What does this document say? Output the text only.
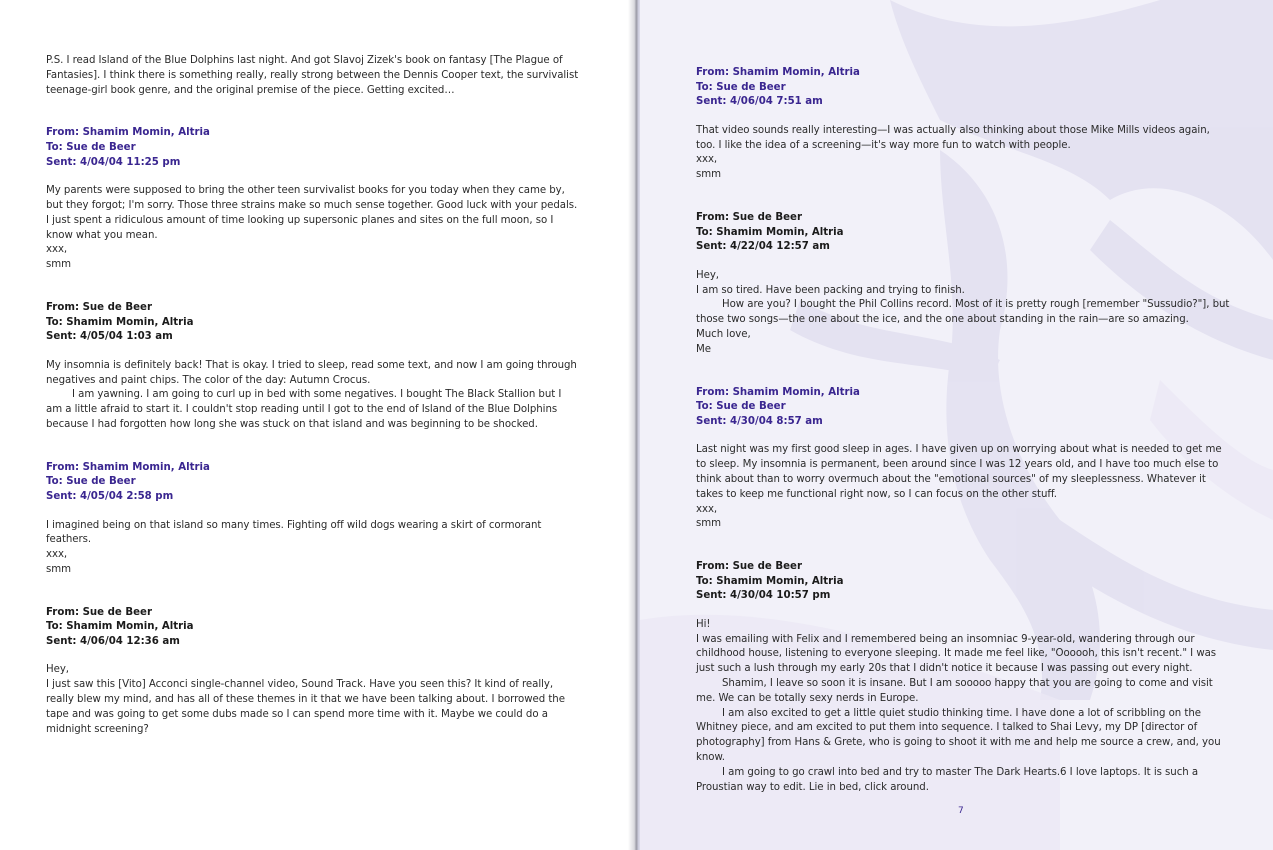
P.S. I read Island of the Blue Dolphins last night. And got Slavoj Zizek's book on fantasy [The Plague of Fantasies]. I think there is something really, really strong between the Dennis Cooper text, the survivalist teenage-girl book genre, and the original premise of the piece. Getting excited…

From: Shamim Momin, Altria

To: Sue de Beer

Sent: 4/04/04 11:25 pm

My parents were supposed to bring the other teen survivalist books for you today when they came by, but they forgot; I'm sorry. Those three strains make so much sense together. Good luck with your pedals. I just spent a ridiculous amount of time looking up supersonic planes and sites on the full moon, so I know what you mean.

xxx,

smm

From: Sue de Beer

To: Shamim Momin, Altria

Sent: 4/05/04 1:03 am

My insomnia is definitely back! That is okay. I tried to sleep, read some text, and now I am going through negatives and paint chips. The color of the day: Autumn Crocus.

I am yawning. I am going to curl up in bed with some negatives. I bought The Black Stallion but I am a little afraid to start it. I couldn't stop reading until I got to the end of Island of the Blue Dolphins because I had forgotten how long she was stuck on that island and was beginning to be shocked.

From: Shamim Momin, Altria

To: Sue de Beer

Sent: 4/05/04 2:58 pm

I imagined being on that island so many times. Fighting off wild dogs wearing a skirt of cormorant feathers.

xxx,

smm

From: Sue de Beer

To: Shamim Momin, Altria

Sent: 4/06/04 12:36 am

Hey,

I just saw this [Vito] Acconci single-channel video, Sound Track. Have you seen this? It kind of really, really blew my mind, and has all of these themes in it that we have been talking about. I borrowed the tape and was going to get some dubs made so I can spend more time with it. Maybe we could do a midnight screening?

From: Shamim Momin, Altria

To: Sue de Beer

Sent: 4/06/04 7:51 am

That video sounds really interesting—I was actually also thinking about those Mike Mills videos again, too. I like the idea of a screening—it's way more fun to watch with people.

xxx,

smm

From: Sue de Beer

To: Shamim Momin, Altria

Sent: 4/22/04 12:57 am

Hey,

I am so tired. Have been packing and trying to finish.

How are you? I bought the Phil Collins record. Most of it is pretty rough [remember "Sussudio?"], but those two songs—the one about the ice, and the one about standing in the rain—are so amazing.

Much love,

Me

From: Shamim Momin, Altria

To: Sue de Beer

Sent: 4/30/04 8:57 am

Last night was my first good sleep in ages. I have given up on worrying about what is needed to get me to sleep. My insomnia is permanent, been around since I was 12 years old, and I have too much else to think about than to worry overmuch about the "emotional sources" of my sleeplessness. Whatever it takes to keep me functional right now, so I can focus on the other stuff.

xxx,

smm

From: Sue de Beer

To: Shamim Momin, Altria

Sent: 4/30/04 10:57 pm

Hi!

I was emailing with Felix and I remembered being an insomniac 9-year-old, wandering through our childhood house, listening to everyone sleeping. It made me feel like, "Oooooh, this isn't recent." I was just such a lush through my early 20s that I didn't notice it because I was passing out every night.

Shamim, I leave so soon it is insane. But I am sooooo happy that you are going to come and visit me. We can be totally sexy nerds in Europe.

I am also excited to get a little quiet studio thinking time. I have done a lot of scribbling on the Whitney piece, and am excited to put them into sequence. I talked to Shai Levy, my DP [director of photography] from Hans & Grete, who is going to shoot it with me and help me source a crew, and, you know.

I am going to go crawl into bed and try to master The Dark Hearts.6 I love laptops. It is such a Proustian way to edit. Lie in bed, click around.

7
